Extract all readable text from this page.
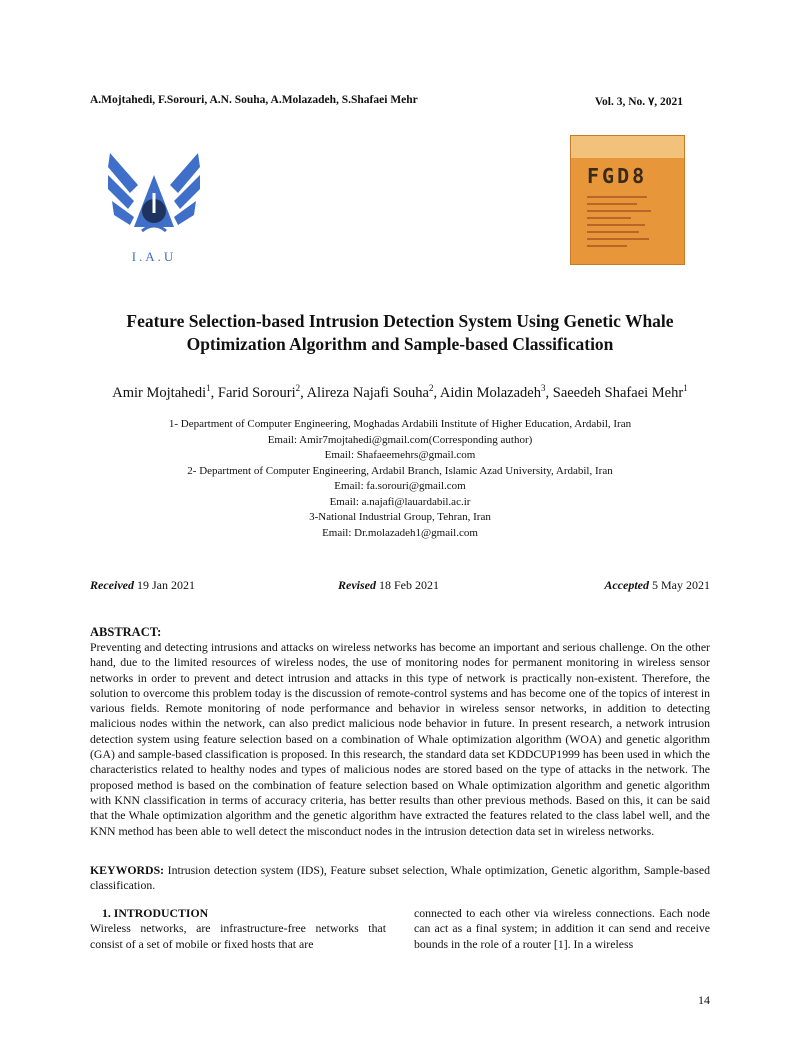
A.Mojtahedi, F.Sorouri, A.N. Souha, A.Molazadeh, S.Shafaei Mehr	Vol. 3, No. ٧, 2021
I.A.U
FGD8
Feature Selection-based Intrusion Detection System Using Genetic Whale Optimization Algorithm and Sample-based Classification
Amir Mojtahedi$^1$, Farid Sorouri$^2$, Alireza Najafi Souha$^2$, Aidin Molazadeh$^3$, Saeedeh Shafaei Mehr$^1$
1- Department of Computer Engineering, Moghadas Ardabili Institute of Higher Education, Ardabil, Iran
Email: Amir7mojtahedi@gmail.com(Corresponding author)
Email: Shafaeemehrs@gmail.com
2- Department of Computer Engineering, Ardabil Branch, Islamic Azad University, Ardabil, Iran
Email: fa.sorouri@gmail.com
Email: a.najafi@lauardabil.ac.ir
3-National Industrial Group, Tehran, Iran
Email: Dr.molazadeh1@gmail.com
Received 19 Jan 2021	Revised 18 Feb 2021	Accepted 5 May 2021
ABSTRACT:
Preventing and detecting intrusions and attacks on wireless networks has become an important and serious challenge. On the other hand, due to the limited resources of wireless nodes, the use of monitoring nodes for permanent monitoring in wireless sensor networks in order to prevent and detect intrusion and attacks in this type of network is practically non-existent. Therefore, the solution to overcome this problem today is the discussion of remote-control systems and has become one of the topics of interest in various fields. Remote monitoring of node performance and behavior in wireless sensor networks, in addition to detecting malicious nodes within the network, can also predict malicious node behavior in future. In present research, a network intrusion detection system using feature selection based on a combination of Whale optimization algorithm (WOA) and genetic algorithm (GA) and sample-based classification is proposed. In this research, the standard data set KDDCUP1999 has been used in which the characteristics related to healthy nodes and types of malicious nodes are stored based on the type of attacks in the network. The proposed method is based on the combination of feature selection based on Whale optimization algorithm and genetic algorithm with KNN classification in terms of accuracy criteria, has better results than other previous methods. Based on this, it can be said that the Whale optimization algorithm and the genetic algorithm have extracted the features related to the class label well, and the KNN method has been able to well detect the misconduct nodes in the intrusion detection data set in wireless networks.
KEYWORDS: Intrusion detection system (IDS), Feature subset selection, Whale optimization, Genetic algorithm, Sample-based classification.
1. INTRODUCTION
Wireless networks, are infrastructure-free networks that consist of a set of mobile or fixed hosts that are
connected to each other via wireless connections. Each node can act as a final system; in addition it can send and receive bounds in the role of a router [1]. In a wireless
14
